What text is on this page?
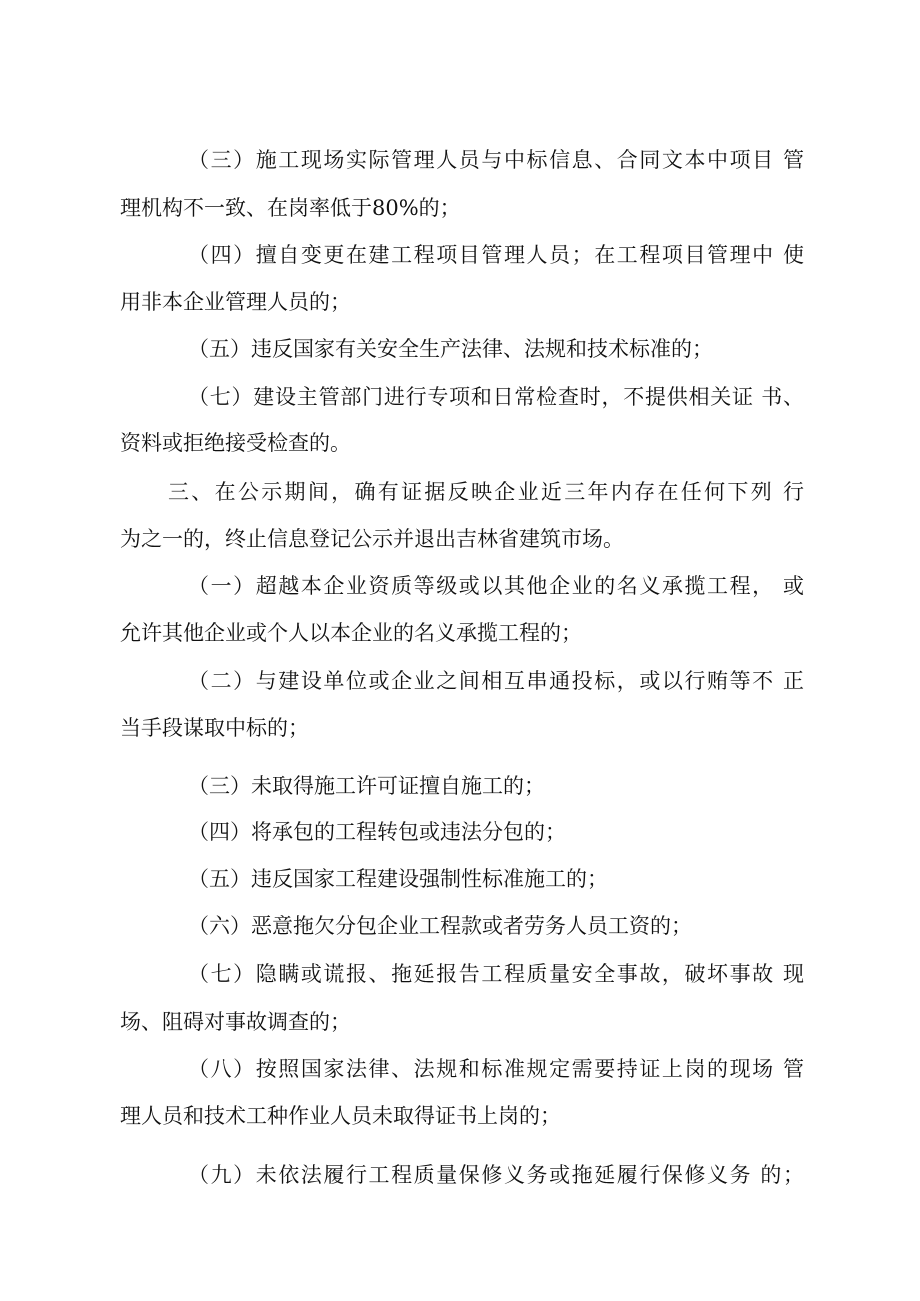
（三）施工现场实际管理人员与中标信息、合同文本中项目 管
理机构不一致、在岗率低于80%的；
（四）擅自变更在建工程项目管理人员；在工程项目管理中 使
用非本企业管理人员的；
（五）违反国家有关安全生产法律、法规和技术标准的；
（七）建设主管部门进行专项和日常检查时，不提供相关证 书、
资料或拒绝接受检查的。
三、在公示期间，确有证据反映企业近三年内存在任何下列 行
为之一的，终止信息登记公示并退出吉林省建筑市场。
（一）超越本企业资质等级或以其他企业的名义承揽工程， 或
允许其他企业或个人以本企业的名义承揽工程的；
（二）与建设单位或企业之间相互串通投标，或以行贿等不 正
当手段谋取中标的；
（三）未取得施工许可证擅自施工的；
（四）将承包的工程转包或违法分包的；
（五）违反国家工程建设强制性标准施工的；
（六）恶意拖欠分包企业工程款或者劳务人员工资的；
（七）隐瞒或谎报、拖延报告工程质量安全事故，破坏事故 现
场、阻碍对事故调查的；
（八）按照国家法律、法规和标准规定需要持证上岗的现场 管
理人员和技术工种作业人员未取得证书上岗的；
（九）未依法履行工程质量保修义务或拖延履行保修义务 的；
